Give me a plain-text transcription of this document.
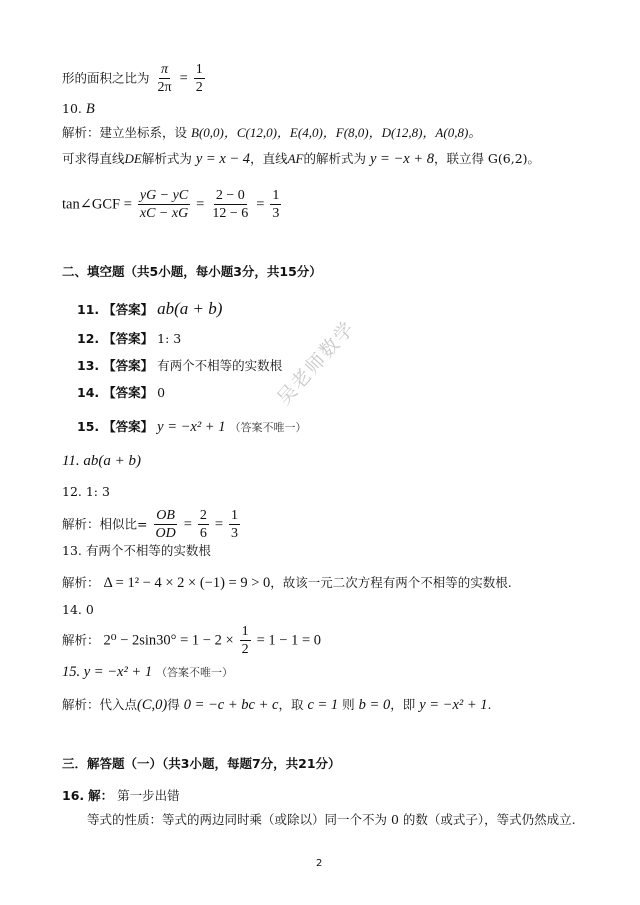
形的面积之比为 $\frac{\pi}{2\pi} = \frac{1}{2}$
10. B
解析：建立坐标系，设 B(0,0)，C(12,0)，E(4,0)，F(8,0)，D(12,8)，A(0,8)。
可求得直线DE解析式为 y = x − 4，直线AF的解析式为 y = −x + 8，联立得 G(6,2)。
tan∠GCF = $\frac{yG - yC}{xC - xG} = \frac{2 - 0}{12 - 6} = \frac{1}{3}$
二、填空题（共5小题，每小题3分，共15分）
11. 【答案】 ab(a + b)
12. 【答案】 1: 3
13. 【答案】 有两个不相等的实数根
14. 【答案】 0
15. 【答案】 y = −x² + 1 （答案不唯一）
11. ab(a + b)
12. 1: 3
解析：相似比= $\frac{OB}{OD} = \frac{2}{6} = \frac{1}{3}$
13. 有两个不相等的实数根
解析： Δ = 1² − 4 × 2 × (−1) = 9 > 0，故该一元二次方程有两个不相等的实数根.
14. 0
解析： $2^0 - 2\sin 30^\circ = 1 - 2 \times \frac{1}{2} = 1 - 1 = 0$
15. y = −x² + 1 （答案不唯一）
解析：代入点(C,0)得 0 = −c + bc + c，取 c = 1 则 b = 0，即 y = −x² + 1.
三．解答题（一）（共3小题，每题7分，共21分）
16. 解： 第一步出错
等式的性质：等式的两边同时乘（或除以）同一个不为 0 的数（或式子），等式仍然成立.
吴老师数学
2
